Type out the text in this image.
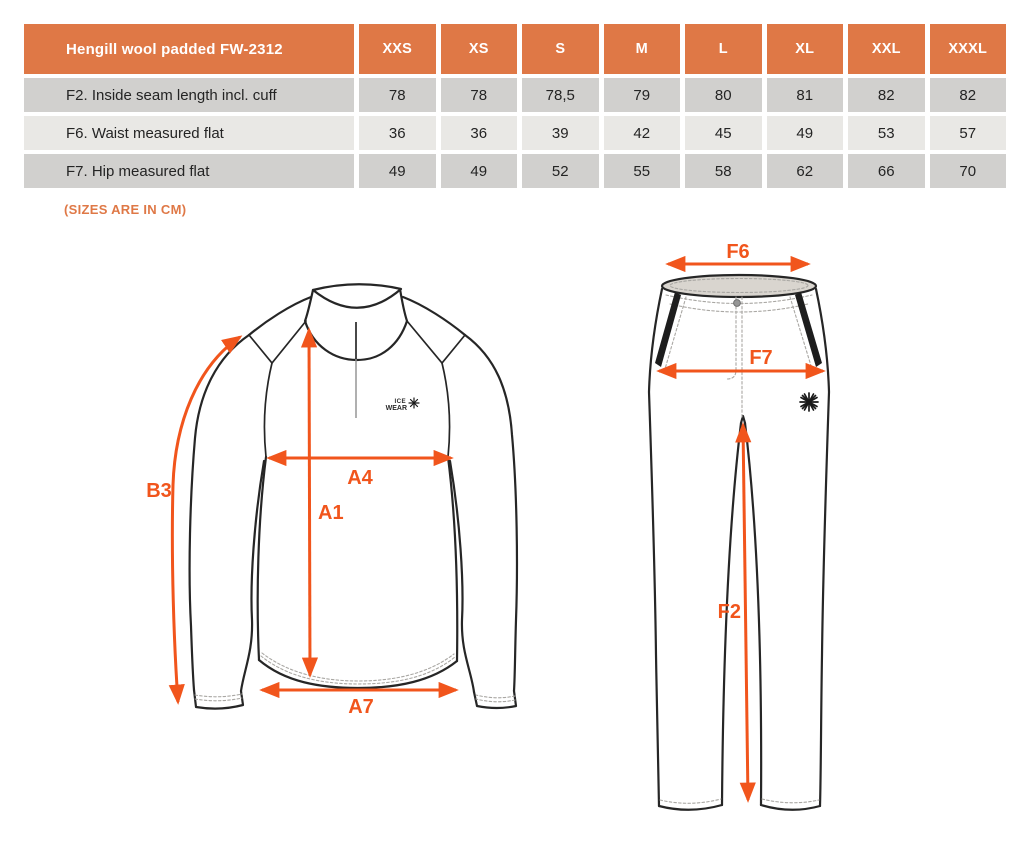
Hengill wool padded FW-2312	XXS	XS	S	M	L	XL	XXL	XXXL
F2. Inside seam length incl. cuff	78	78	78,5	79	80	81	82	82
F6. Waist measured flat	36	36	39	42	45	49	53	57
F7. Hip measured flat	49	49	52	55	58	62	66	70
(SIZES ARE IN CM)
ICE
WEAR
B3
A4
A1
A7
F6
F7
F2
